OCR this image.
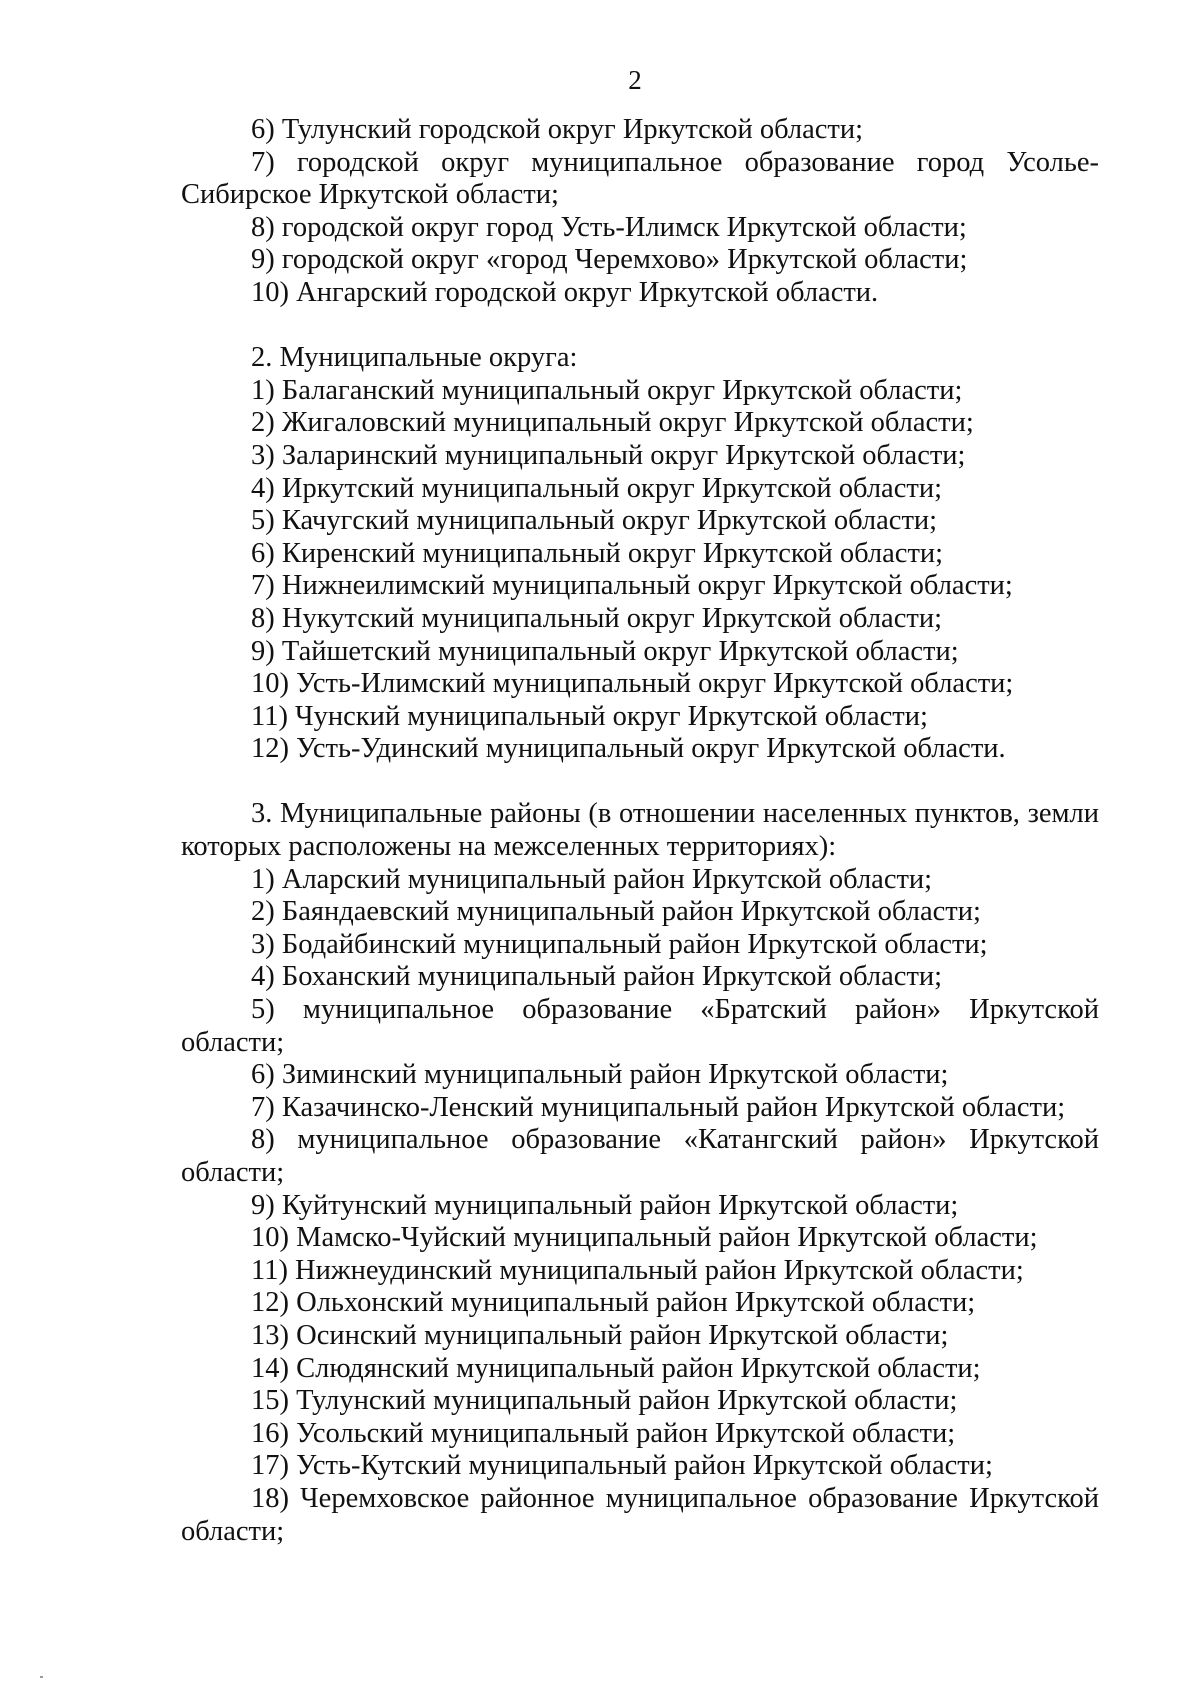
2
6) Тулунский городской округ Иркутской области;
7) городской округ муниципальное образование город Усолье-
Сибирское Иркутской области;
8) городской округ город Усть-Илимск Иркутской области;
9) городской округ «город Черемхово» Иркутской области;
10) Ангарский городской округ Иркутской области.
2. Муниципальные округа:
1) Балаганский муниципальный округ Иркутской области;
2) Жигаловский муниципальный округ Иркутской области;
3) Заларинский муниципальный округ Иркутской области;
4) Иркутский муниципальный округ Иркутской области;
5) Качугский муниципальный округ Иркутской области;
6) Киренский муниципальный округ Иркутской области;
7) Нижнеилимский муниципальный округ Иркутской области;
8) Нукутский муниципальный округ Иркутской области;
9) Тайшетский муниципальный округ Иркутской области;
10) Усть-Илимский муниципальный округ Иркутской области;
11) Чунский муниципальный округ Иркутской области;
12) Усть-Удинский муниципальный округ Иркутской области.
3. Муниципальные районы (в отношении населенных пунктов, земли
которых расположены на межселенных территориях):
1) Аларский муниципальный район Иркутской области;
2) Баяндаевский муниципальный район Иркутской области;
3) Бодайбинский муниципальный район Иркутской области;
4) Боханский муниципальный район Иркутской области;
5) муниципальное образование «Братский район» Иркутской
области;
6) Зиминский муниципальный район Иркутской области;
7) Казачинско-Ленский муниципальный район Иркутской области;
8) муниципальное образование «Катангский район» Иркутской
области;
9) Куйтунский муниципальный район Иркутской области;
10) Мамско-Чуйский муниципальный район Иркутской области;
11) Нижнеудинский муниципальный район Иркутской области;
12) Ольхонский муниципальный район Иркутской области;
13) Осинский муниципальный район Иркутской области;
14) Слюдянский муниципальный район Иркутской области;
15) Тулунский муниципальный район Иркутской области;
16) Усольский муниципальный район Иркутской области;
17) Усть-Кутский муниципальный район Иркутской области;
18) Черемховское районное муниципальное образование Иркутской
области;
